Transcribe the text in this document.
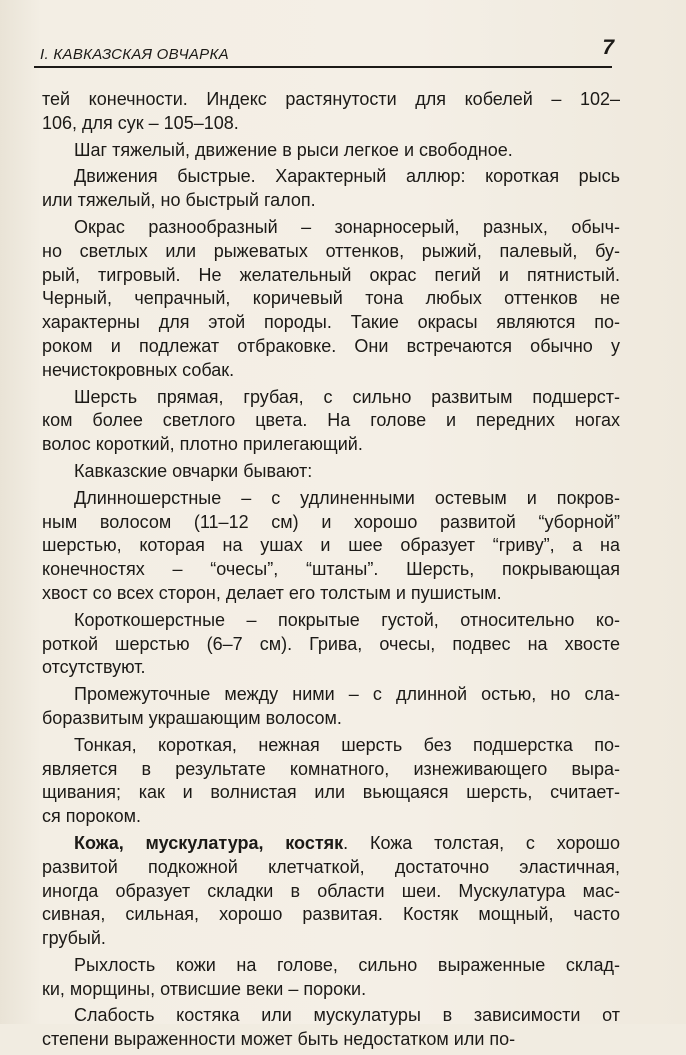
I. КАВКАЗСКАЯ ОВЧАРКА	7
тей конечности. Индекс растянутости для кобелей – 102–
106, для сук – 105–108.
Шаг тяжелый, движение в рыси легкое и свободное.
Движения быстрые. Характерный аллюр: короткая рысь
или тяжелый, но быстрый галоп.
Окрас разнообразный – зонарносерый, разных, обыч-
но светлых или рыжеватых оттенков, рыжий, палевый, бу-
рый, тигровый. Не желательный окрас пегий и пятнистый.
Черный, чепрачный, коричевый тона любых оттенков не
характерны для этой породы. Такие окрасы являются по-
роком и подлежат отбраковке. Они встречаются обычно у
нечистокровных собак.
Шерсть прямая, грубая, с сильно развитым подшерст-
ком более светлого цвета. На голове и передних ногах
волос короткий, плотно прилегающий.
Кавказские овчарки бывают:
Длинношерстные – с удлиненными остевым и покров-
ным волосом (11–12 см) и хорошо развитой “уборной”
шерстью, которая на ушах и шее образует “гриву”, а на
конечностях – “очесы”, “штаны”. Шерсть, покрывающая
хвост со всех сторон, делает его толстым и пушистым.
Короткошерстные – покрытые густой, относительно ко-
роткой шерстью (6–7 см). Грива, очесы, подвес на хвосте
отсутствуют.
Промежуточные между ними – с длинной остью, но сла-
боразвитым украшающим волосом.
Тонкая, короткая, нежная шерсть без подшерстка по-
является в результате комнатного, изнеживающего выра-
щивания; как и волнистая или вьющаяся шерсть, считает-
ся пороком.
Кожа, мускулатура, костяк. Кожа толстая, с хорошо
развитой подкожной клетчаткой, достаточно эластичная,
иногда образует складки в области шеи. Мускулатура мас-
сивная, сильная, хорошо развитая. Костяк мощный, часто
грубый.
Рыхлость кожи на голове, сильно выраженные склад-
ки, морщины, отвисшие веки – пороки.
Слабость костяка или мускулатуры в зависимости от
степени выраженности может быть недостатком или по-
